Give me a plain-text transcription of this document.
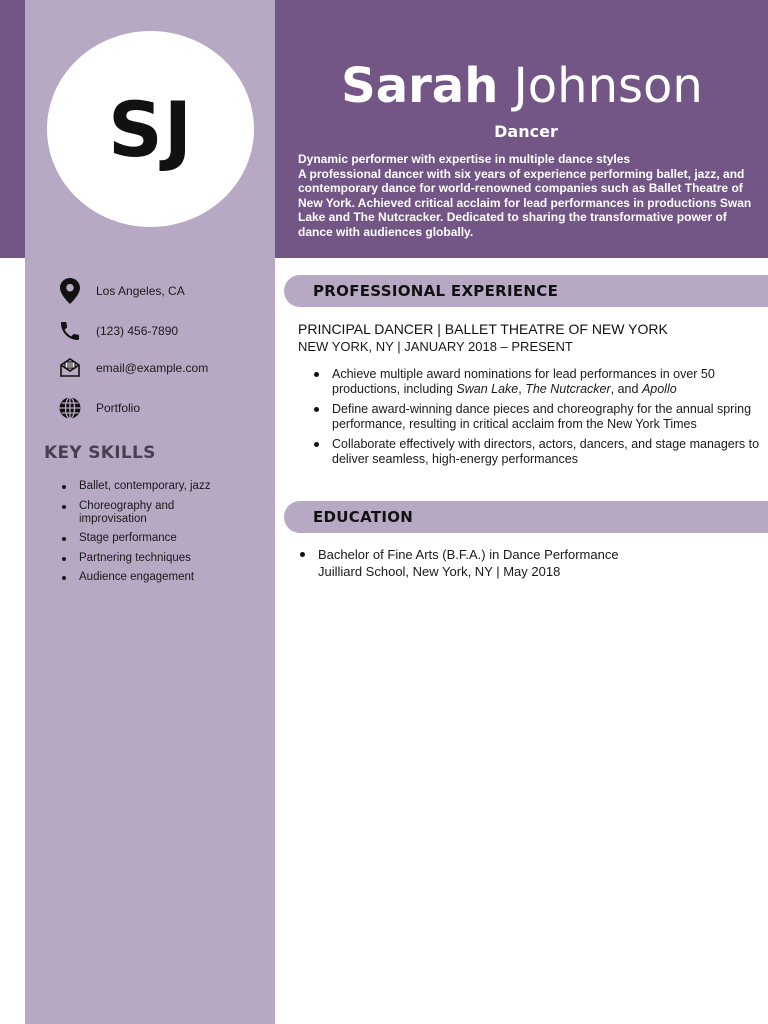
SJ	Sarah Johnson
Dancer
Dynamic performer with expertise in multiple dance styles
A professional dancer with six years of experience performing ballet, jazz, and contemporary dance for world-renowned companies such as Ballet Theatre of New York. Achieved critical acclaim for lead performances in productions Swan Lake and The Nutcracker. Dedicated to sharing the transformative power of dance with audiences globally.
Los Angeles, CA
(123) 456-7890
email@example.com
Portfolio
KEY SKILLS
Ballet, contemporary, jazz
Choreography and improvisation
Stage performance
Partnering techniques
Audience engagement
PROFESSIONAL EXPERIENCE
PRINCIPAL DANCER | BALLET THEATRE OF NEW YORK
NEW YORK, NY | JANUARY 2018 – PRESENT
Achieve multiple award nominations for lead performances in over 50 productions, including Swan Lake, The Nutcracker, and Apollo
Define award-winning dance pieces and choreography for the annual spring performance, resulting in critical acclaim from the New York Times
Collaborate effectively with directors, actors, dancers, and stage managers to deliver seamless, high-energy performances
EDUCATION
Bachelor of Fine Arts (B.F.A.) in Dance Performance
Juilliard School, New York, NY | May 2018
